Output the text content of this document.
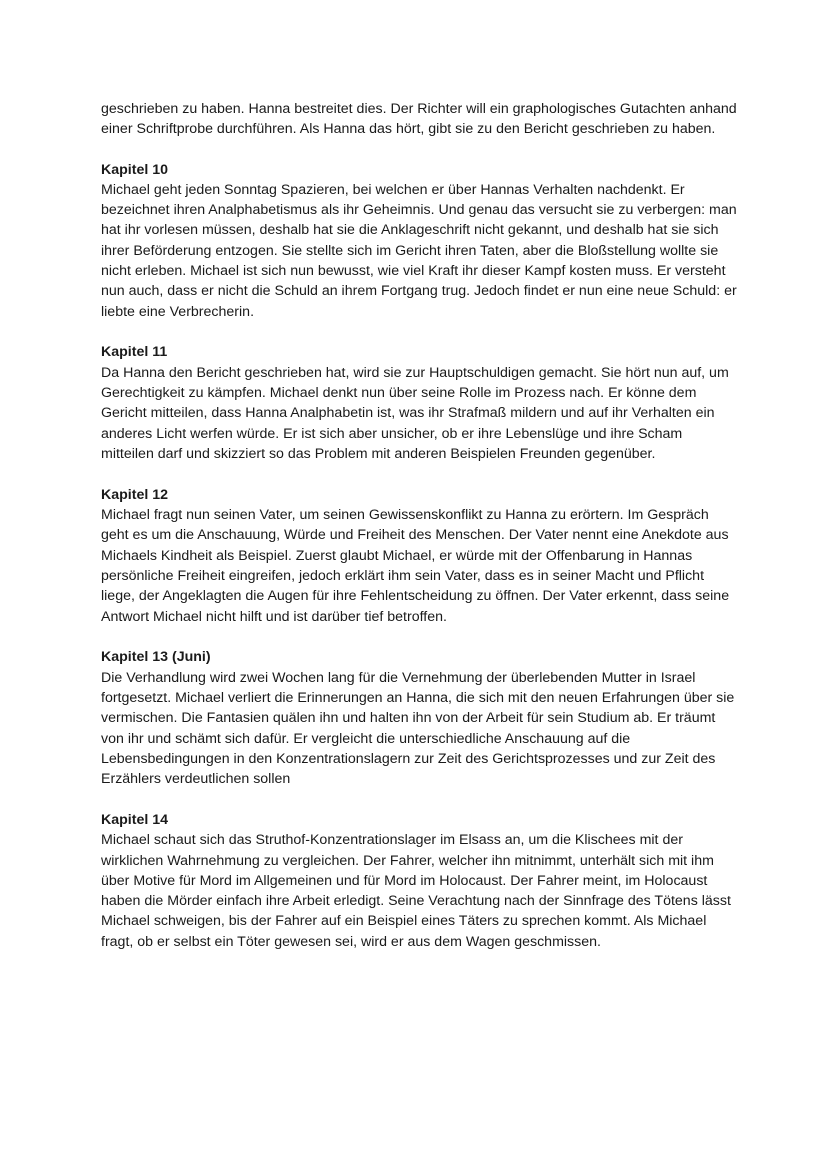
geschrieben zu haben. Hanna bestreitet dies. Der Richter will ein graphologisches Gutachten anhand einer Schriftprobe durchführen. Als Hanna das hört, gibt sie zu den Bericht geschrieben zu haben.

Kapitel 10

Michael geht jeden Sonntag Spazieren, bei welchen er über Hannas Verhalten nachdenkt. Er bezeichnet ihren Analphabetismus als ihr Geheimnis. Und genau das versucht sie zu verbergen: man hat ihr vorlesen müssen, deshalb hat sie die Anklageschrift nicht gekannt, und deshalb hat sie sich ihrer Beförderung entzogen. Sie stellte sich im Gericht ihren Taten, aber die Bloßstellung wollte sie nicht erleben. Michael ist sich nun bewusst, wie viel Kraft ihr dieser Kampf kosten muss. Er versteht nun auch, dass er nicht die Schuld an ihrem Fortgang trug. Jedoch findet er nun eine neue Schuld: er liebte eine Verbrecherin.

Kapitel 11

Da Hanna den Bericht geschrieben hat, wird sie zur Hauptschuldigen gemacht. Sie hört nun auf, um Gerechtigkeit zu kämpfen. Michael denkt nun über seine Rolle im Prozess nach. Er könne dem Gericht mitteilen, dass Hanna Analphabetin ist, was ihr Strafmaß mildern und auf ihr Verhalten ein anderes Licht werfen würde. Er ist sich aber unsicher, ob er ihre Lebenslüge und ihre Scham mitteilen darf und skizziert so das Problem mit anderen Beispielen Freunden gegenüber.

Kapitel 12

Michael fragt nun seinen Vater, um seinen Gewissenskonflikt zu Hanna zu erörtern. Im Gespräch geht es um die Anschauung, Würde und Freiheit des Menschen. Der Vater nennt eine Anekdote aus Michaels Kindheit als Beispiel. Zuerst glaubt Michael, er würde mit der Offenbarung in Hannas persönliche Freiheit eingreifen, jedoch erklärt ihm sein Vater, dass es in seiner Macht und Pflicht liege, der Angeklagten die Augen für ihre Fehlentscheidung zu öffnen. Der Vater erkennt, dass seine Antwort Michael nicht hilft und ist darüber tief betroffen.

Kapitel 13 (Juni)

Die Verhandlung wird zwei Wochen lang für die Vernehmung der überlebenden Mutter in Israel fortgesetzt. Michael verliert die Erinnerungen an Hanna, die sich mit den neuen Erfahrungen über sie vermischen. Die Fantasien quälen ihn und halten ihn von der Arbeit für sein Studium ab. Er träumt von ihr und schämt sich dafür. Er vergleicht die unterschiedliche Anschauung auf die Lebensbedingungen in den Konzentrationslagern zur Zeit des Gerichtsprozesses und zur Zeit des Erzählers verdeutlichen sollen

Kapitel 14

Michael schaut sich das Struthof-Konzentrationslager im Elsass an, um die Klischees mit der wirklichen Wahrnehmung zu vergleichen. Der Fahrer, welcher ihn mitnimmt, unterhält sich mit ihm über Motive für Mord im Allgemeinen und für Mord im Holocaust. Der Fahrer meint, im Holocaust haben die Mörder einfach ihre Arbeit erledigt. Seine Verachtung nach der Sinnfrage des Tötens lässt Michael schweigen, bis der Fahrer auf ein Beispiel eines Täters zu sprechen kommt. Als Michael fragt, ob er selbst ein Töter gewesen sei, wird er aus dem Wagen geschmissen.
